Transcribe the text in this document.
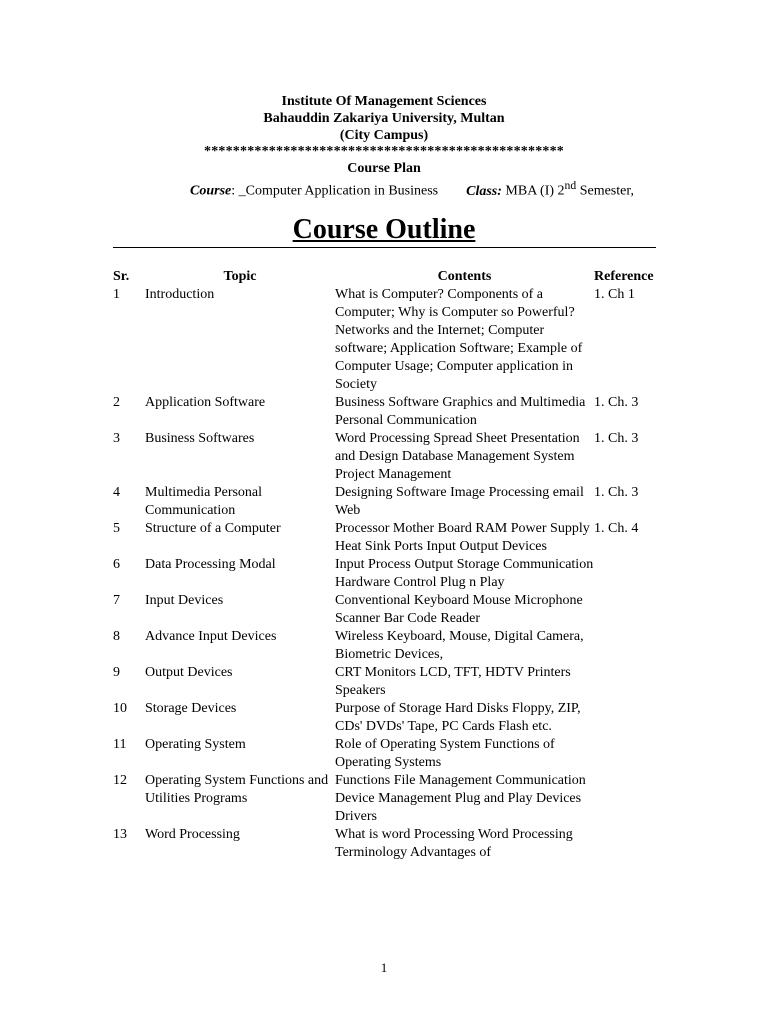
Institute Of Management Sciences
Bahauddin Zakariya University, Multan
(City Campus)
**************************************************
Course Plan
Course: _Computer Application in Business Class: MBA (I) 2nd Semester,
Course Outline
Sr.	Topic	Contents	Reference
1	Introduction	What is Computer? Components of a Computer; Why is Computer so Powerful? Networks and the Internet; Computer software; Application Software; Example of Computer Usage; Computer application in Society	1. Ch 1
2	Application Software	Business Software Graphics and Multimedia Personal Communication	1. Ch. 3
3	Business Softwares	Word Processing Spread Sheet Presentation and Design Database Management System Project Management	1. Ch. 3
4	Multimedia Personal Communication	Designing Software Image Processing email Web	1. Ch. 3
5	Structure of a Computer	Processor Mother Board RAM Power Supply Heat Sink Ports Input Output Devices	1. Ch. 4
6	Data Processing Modal	Input Process Output Storage Communication Hardware Control Plug n Play	
7	Input Devices	Conventional Keyboard Mouse Microphone Scanner Bar Code Reader	
8	Advance Input Devices	Wireless Keyboard, Mouse, Digital Camera, Biometric Devices,	
9	Output Devices	CRT Monitors LCD, TFT, HDTV Printers Speakers	
10	Storage Devices	Purpose of Storage Hard Disks Floppy, ZIP, CDs' DVDs' Tape, PC Cards Flash etc.	
11	Operating System	Role of Operating System Functions of Operating Systems	
12	Operating System Functions and Utilities Programs	Functions File Management Communication Device Management Plug and Play Devices Drivers	
13	Word Processing	What is word Processing Word Processing Terminology Advantages of	
1
